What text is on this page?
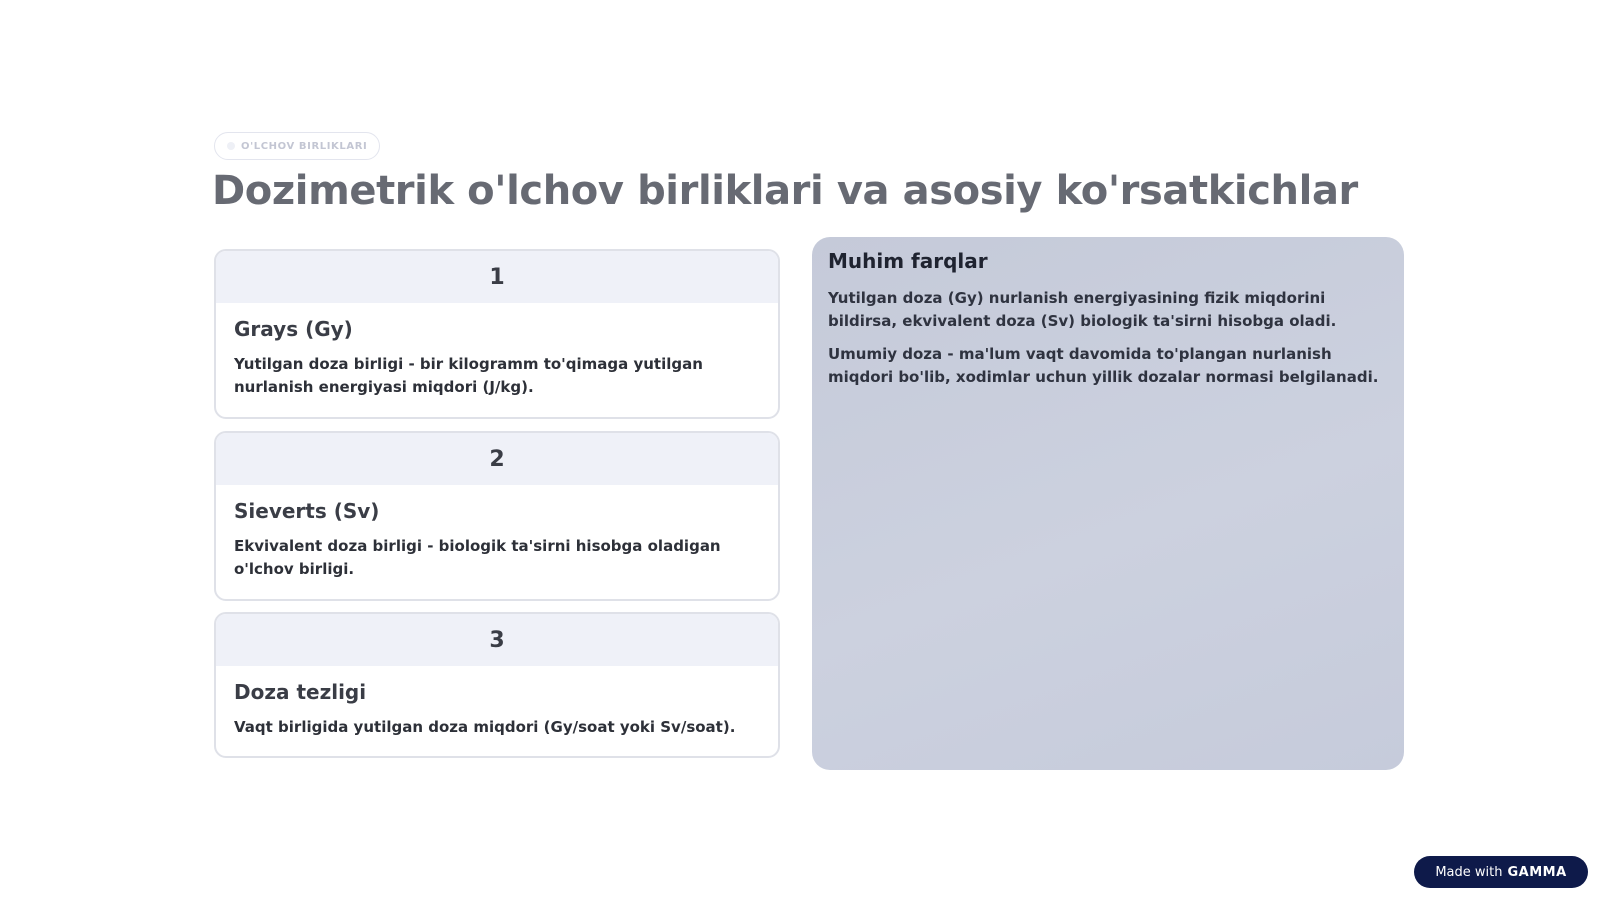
O'LCHOV BIRLIKLARI
Dozimetrik o'lchov birliklari va asosiy ko'rsatkichlar
1
Grays (Gy)

Yutilgan doza birligi - bir kilogramm to'qimaga yutilgan nurlanish energiyasi miqdori (J/kg).

2
Sieverts (Sv)

Ekvivalent doza birligi - biologik ta'sirni hisobga oladigan o'lchov birligi.

3
Doza tezligi

Vaqt birligida yutilgan doza miqdori (Gy/soat yoki Sv/soat).

Muhim farqlar

Yutilgan doza (Gy) nurlanish energiyasining fizik miqdorini bildirsa, ekvivalent doza (Sv) biologik ta'sirni hisobga oladi.

Umumiy doza - ma'lum vaqt davomida to'plangan nurlanish miqdori bo'lib, xodimlar uchun yillik dozalar normasi belgilanadi.

Made with GAMMA
